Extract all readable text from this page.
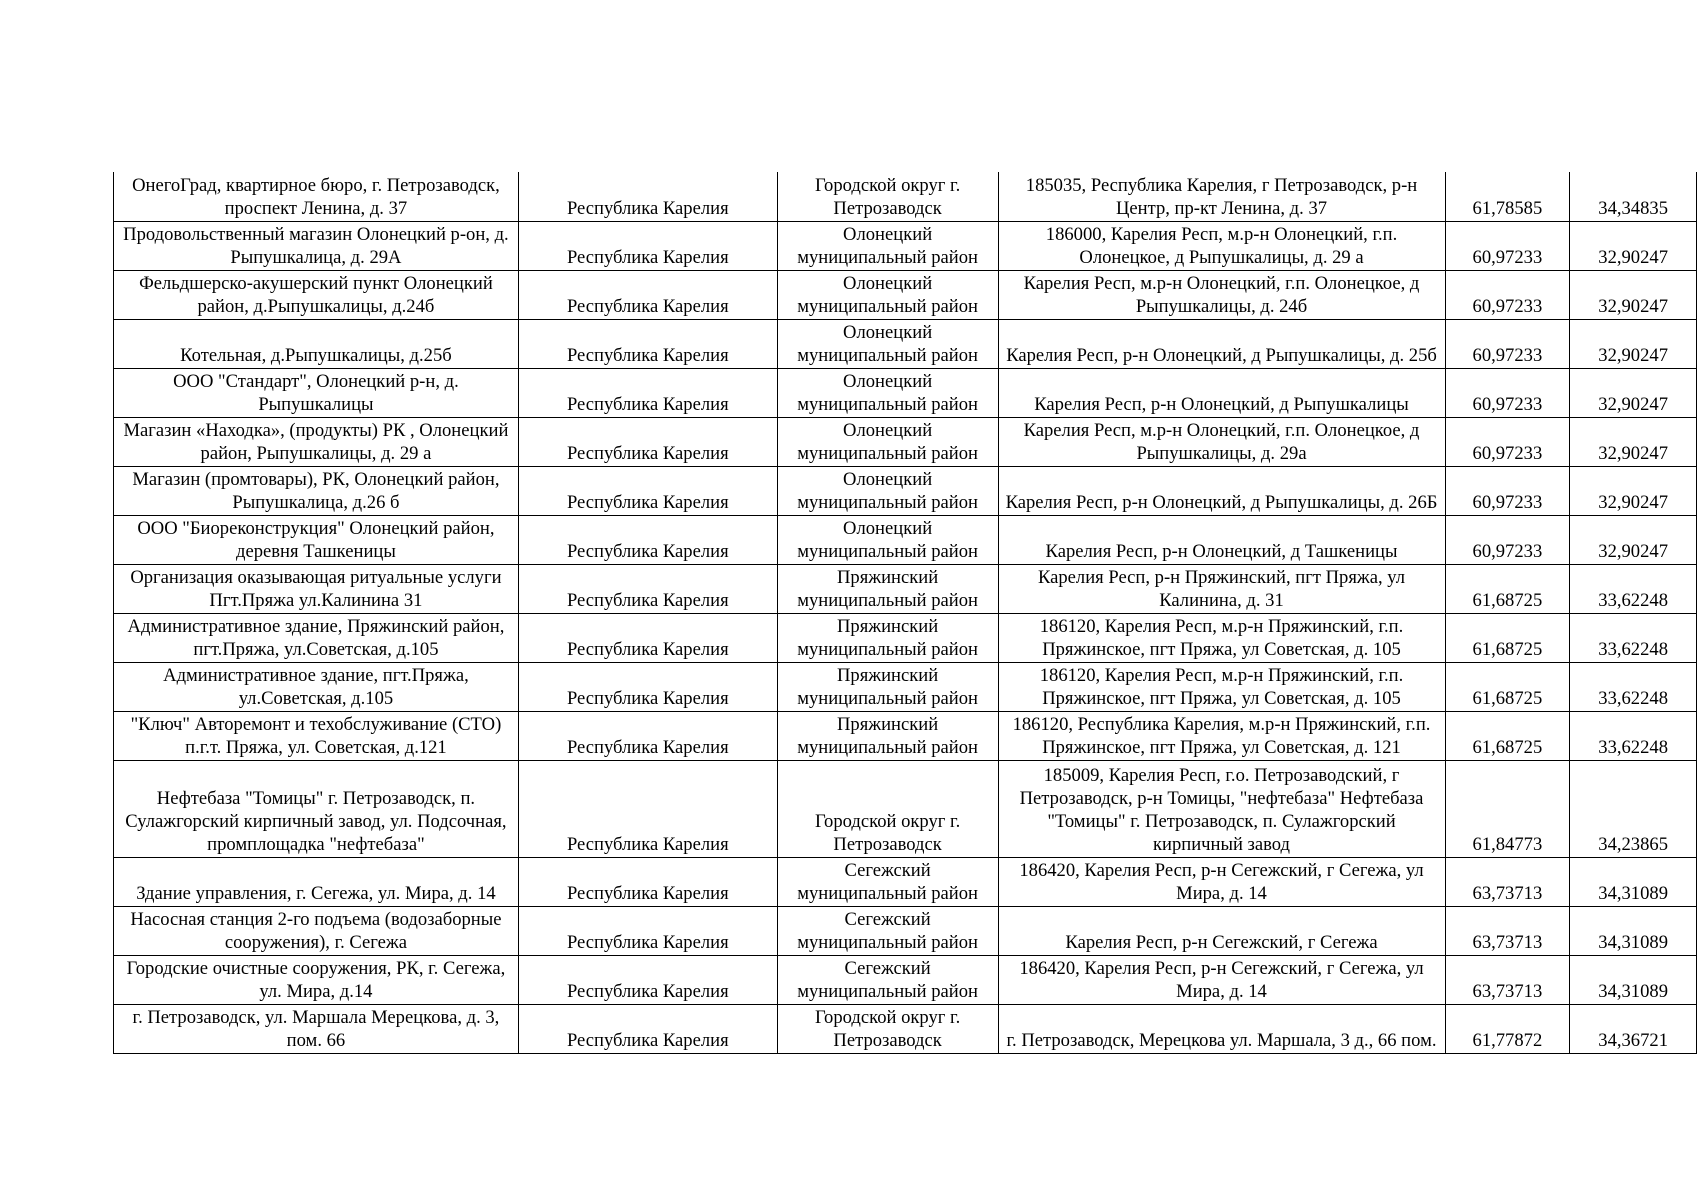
ОнегоГрад, квартирное бюро, г. Петрозаводск, проспект Ленина, д. 37	Республика Карелия	Городской округ г. Петрозаводск	185035, Республика Карелия, г Петрозаводск, р-н Центр, пр-кт Ленина, д. 37	61,78585	34,34835
Продовольственный магазин Олонецкий р-он, д. Рыпушкалица, д. 29А	Республика Карелия	Олонецкий муниципальный район	186000, Карелия Респ, м.р-н Олонецкий, г.п. Олонецкое, д Рыпушкалицы, д. 29 а	60,97233	32,90247
Фельдшерско-акушерский пункт Олонецкий район, д.Рыпушкалицы, д.24б	Республика Карелия	Олонецкий муниципальный район	Карелия Респ, м.р-н Олонецкий, г.п. Олонецкое, д Рыпушкалицы, д. 24б	60,97233	32,90247
Котельная, д.Рыпушкалицы, д.25б	Республика Карелия	Олонецкий муниципальный район	Карелия Респ, р-н Олонецкий, д Рыпушкалицы, д. 25б	60,97233	32,90247
ООО "Стандарт", Олонецкий р-н, д. Рыпушкалицы	Республика Карелия	Олонецкий муниципальный район	Карелия Респ, р-н Олонецкий, д Рыпушкалицы	60,97233	32,90247
Магазин «Находка», (продукты) РК , Олонецкий район, Рыпушкалицы, д. 29 а	Республика Карелия	Олонецкий муниципальный район	Карелия Респ, м.р-н Олонецкий, г.п. Олонецкое, д Рыпушкалицы, д. 29а	60,97233	32,90247
Магазин (промтовары), РК, Олонецкий район, Рыпушкалица, д.26 б	Республика Карелия	Олонецкий муниципальный район	Карелия Респ, р-н Олонецкий, д Рыпушкалицы, д. 26Б	60,97233	32,90247
ООО "Биореконструкция" Олонецкий район, деревня Ташкеницы	Республика Карелия	Олонецкий муниципальный район	Карелия Респ, р-н Олонецкий, д Ташкеницы	60,97233	32,90247
Организация оказывающая ритуальные услуги Пгт.Пряжа ул.Калинина 31	Республика Карелия	Пряжинский муниципальный район	Карелия Респ, р-н Пряжинский, пгт Пряжа, ул Калинина, д. 31	61,68725	33,62248
Административное здание, Пряжинский район, пгт.Пряжа, ул.Советская, д.105	Республика Карелия	Пряжинский муниципальный район	186120, Карелия Респ, м.р-н Пряжинский, г.п. Пряжинское, пгт Пряжа, ул Советская, д. 105	61,68725	33,62248
Административное здание, пгт.Пряжа, ул.Советская, д.105	Республика Карелия	Пряжинский муниципальный район	186120, Карелия Респ, м.р-н Пряжинский, г.п. Пряжинское, пгт Пряжа, ул Советская, д. 105	61,68725	33,62248
"Ключ" Авторемонт и техобслуживание (СТО) п.г.т. Пряжа, ул. Советская, д.121	Республика Карелия	Пряжинский муниципальный район	186120, Республика Карелия, м.р-н Пряжинский, г.п. Пряжинское, пгт Пряжа, ул Советская, д. 121	61,68725	33,62248
Нефтебаза "Томицы" г. Петрозаводск, п. Сулажгорский кирпичный завод, ул. Подсочная, промплощадка "нефтебаза"	Республика Карелия	Городской округ г. Петрозаводск	185009, Карелия Респ, г.о. Петрозаводский, г Петрозаводск, р-н Томицы, "нефтебаза" Нефтебаза "Томицы" г. Петрозаводск, п. Сулажгорский кирпичный завод	61,84773	34,23865
Здание управления, г. Сегежа, ул. Мира, д. 14	Республика Карелия	Сегежский муниципальный район	186420, Карелия Респ, р-н Сегежский, г Сегежа, ул Мира, д. 14	63,73713	34,31089
Насосная станция 2-го подъема (водозаборные сооружения), г. Сегежа	Республика Карелия	Сегежский муниципальный район	Карелия Респ, р-н Сегежский, г Сегежа	63,73713	34,31089
Городские очистные сооружения, РК, г. Сегежа, ул. Мира, д.14	Республика Карелия	Сегежский муниципальный район	186420, Карелия Респ, р-н Сегежский, г Сегежа, ул Мира, д. 14	63,73713	34,31089
г. Петрозаводск, ул. Маршала Мерецкова, д. 3, пом. 66	Республика Карелия	Городской округ г. Петрозаводск	г. Петрозаводск, Мерецкова ул. Маршала, 3 д., 66 пом.	61,77872	34,36721
